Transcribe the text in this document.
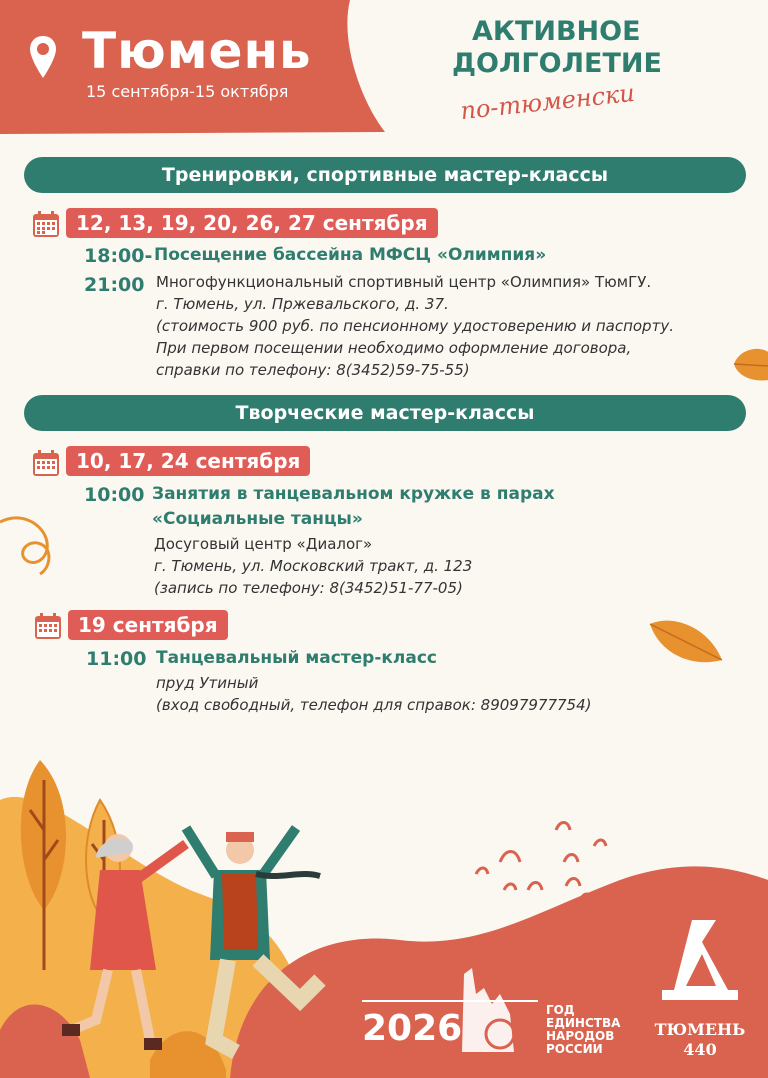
Тюмень
15 сентября-15 октября
АКТИВНОЕ
ДОЛГОЛЕТИЕ
по-тюменски
Тренировки, спортивные мастер-классы
12, 13, 19, 20, 26, 27 сентября
18:00-
21:00
Посещение бассейна МФСЦ «Олимпия»
Многофункциональный спортивный центр «Олимпия» ТюмГУ.
г. Тюмень, ул. Пржевальского, д. 37.
(стоимость 900 руб. по пенсионному удостоверению и паспорту.
При первом посещении необходимо оформление договора,
справки по телефону: 8(3452)59-75-55)
Творческие мастер-классы
10, 17, 24 сентября
10:00 Занятия в танцевальном кружке в парах
«Социальные танцы»
Досуговый центр «Диалог»
г. Тюмень, ул. Московский тракт, д. 123
(запись по телефону: 8(3452)51-77-05)
19 сентября
11:00 Танцевальный мастер-класс
пруд Утиный
(вход свободный, телефон для справок: 89097977754)
2026	ГОД
ЕДИНСТВА
НАРОДОВ
РОССИИ
ТЮМЕНЬ
440
